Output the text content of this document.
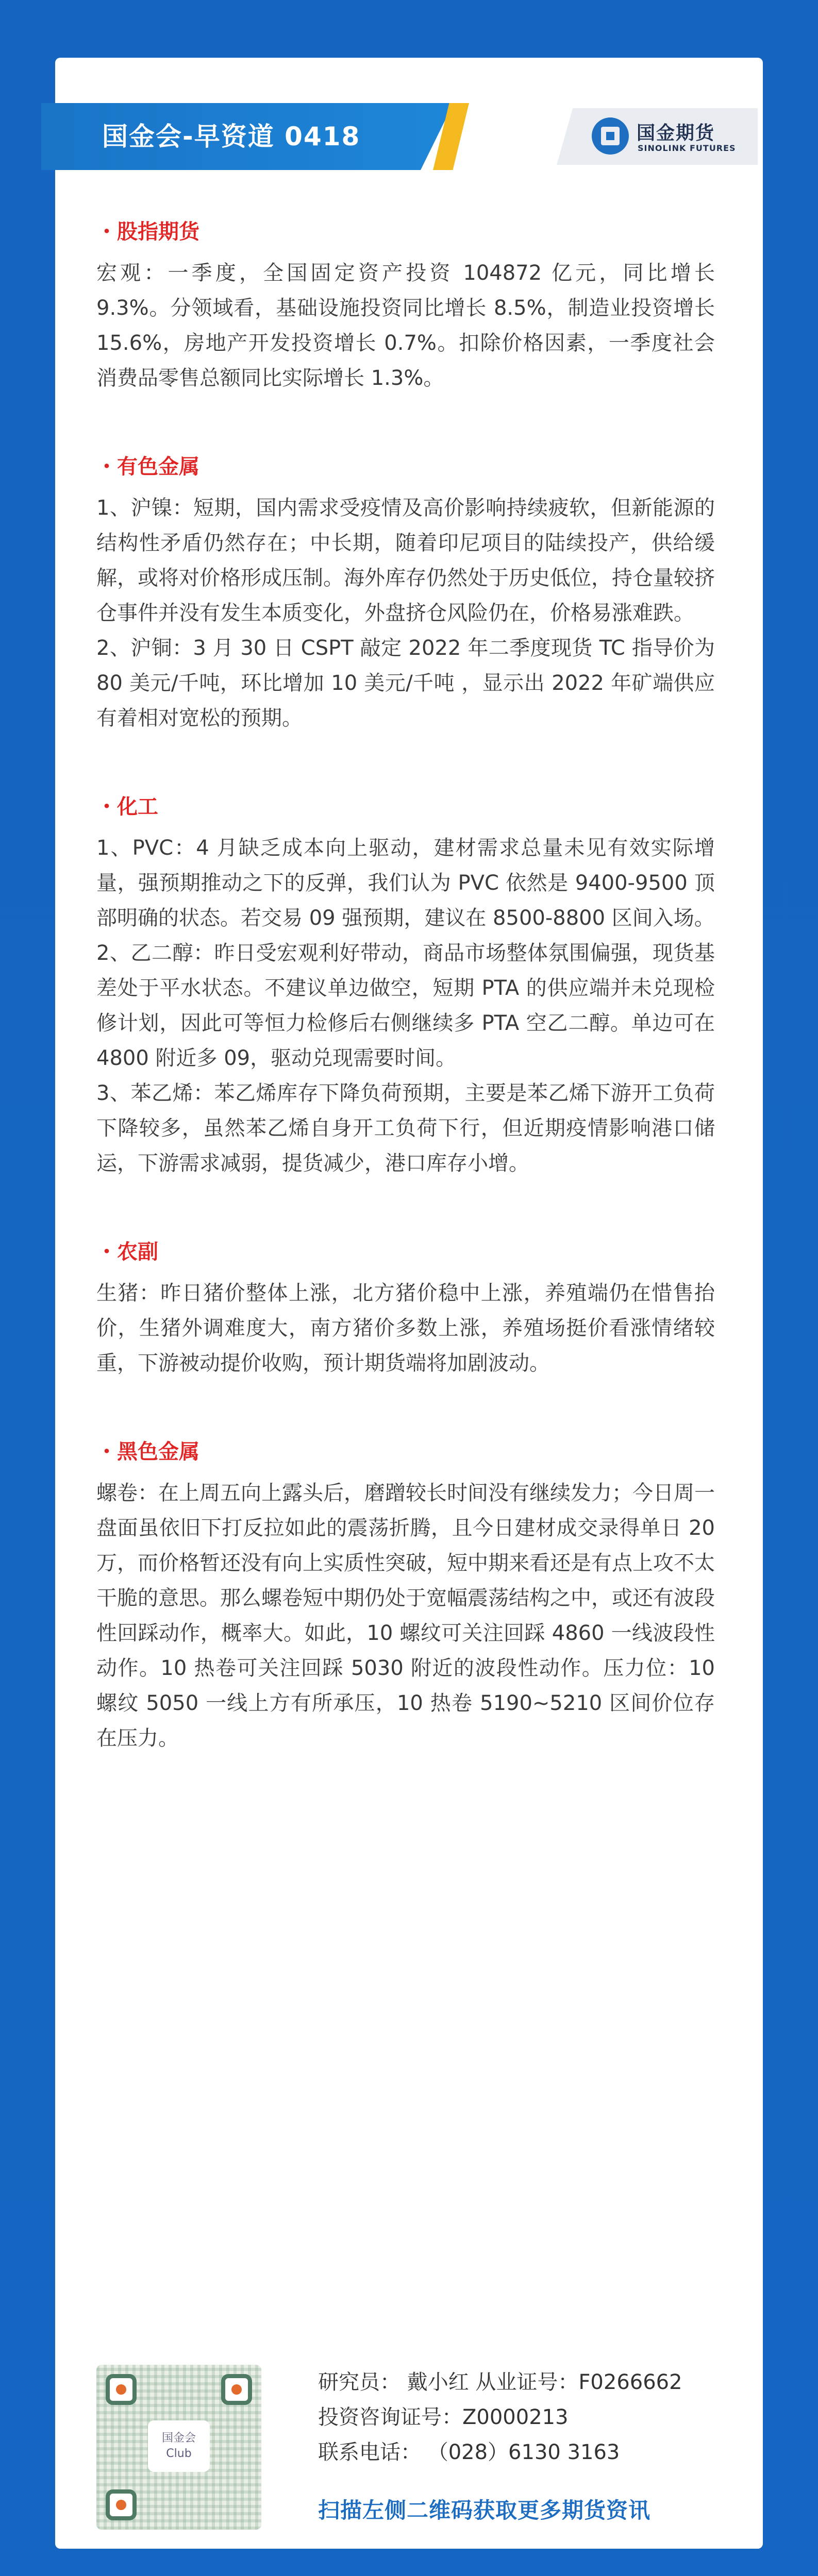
国金会-早资道 0418	国金期货
SINOLINK FUTURES
・股指期货

宏观：一季度，全国固定资产投资 104872 亿元，同比增长 9.3%。分领域看，基础设施投资同比增长 8.5%，制造业投资增长 15.6%，房地产开发投资增长 0.7%。扣除价格因素，一季度社会消费品零售总额同比实际增长 1.3%。

・有色金属

1、沪镍：短期，国内需求受疫情及高价影响持续疲软，但新能源的结构性矛盾仍然存在；中长期，随着印尼项目的陆续投产，供给缓解，或将对价格形成压制。海外库存仍然处于历史低位，持仓量较挤仓事件并没有发生本质变化，外盘挤仓风险仍在，价格易涨难跌。

2、沪铜：3 月 30 日 CSPT 敲定 2022 年二季度现货 TC 指导价为 80 美元/千吨，环比增加 10 美元/千吨 ，显示出 2022 年矿端供应有着相对宽松的预期。

・化工

1、PVC：4 月缺乏成本向上驱动，建材需求总量未见有效实际增量，强预期推动之下的反弹，我们认为 PVC 依然是 9400-9500 顶部明确的状态。若交易 09 强预期，建议在 8500-8800 区间入场。

2、乙二醇：昨日受宏观利好带动，商品市场整体氛围偏强，现货基差处于平水状态。不建议单边做空，短期 PTA 的供应端并未兑现检修计划，因此可等恒力检修后右侧继续多 PTA 空乙二醇。单边可在 4800 附近多 09，驱动兑现需要时间。

3、苯乙烯：苯乙烯库存下降负荷预期，主要是苯乙烯下游开工负荷下降较多，虽然苯乙烯自身开工负荷下行，但近期疫情影响港口储运，下游需求减弱，提货减少，港口库存小增。

・农副

生猪：昨日猪价整体上涨，北方猪价稳中上涨，养殖端仍在惜售抬价，生猪外调难度大，南方猪价多数上涨，养殖场挺价看涨情绪较重，下游被动提价收购，预计期货端将加剧波动。

・黑色金属

螺卷：在上周五向上露头后，磨蹭较长时间没有继续发力；今日周一盘面虽依旧下打反拉如此的震荡折腾，且今日建材成交录得单日 20 万，而价格暂还没有向上实质性突破，短中期来看还是有点上攻不太干脆的意思。那么螺卷短中期仍处于宽幅震荡结构之中，或还有波段性回踩动作，概率大。如此，10 螺纹可关注回踩 4860 一线波段性动作。10 热卷可关注回踩 5030 附近的波段性动作。压力位：10 螺纹 5050 一线上方有所承压，10 热卷 5190~5210 区间价位存在压力。

国金会
Club
研究员： 戴小红 从业证号：F0266662
投资咨询证号：Z0000213
联系电话： （028）6130 3163
扫描左侧二维码获取更多期货资讯
